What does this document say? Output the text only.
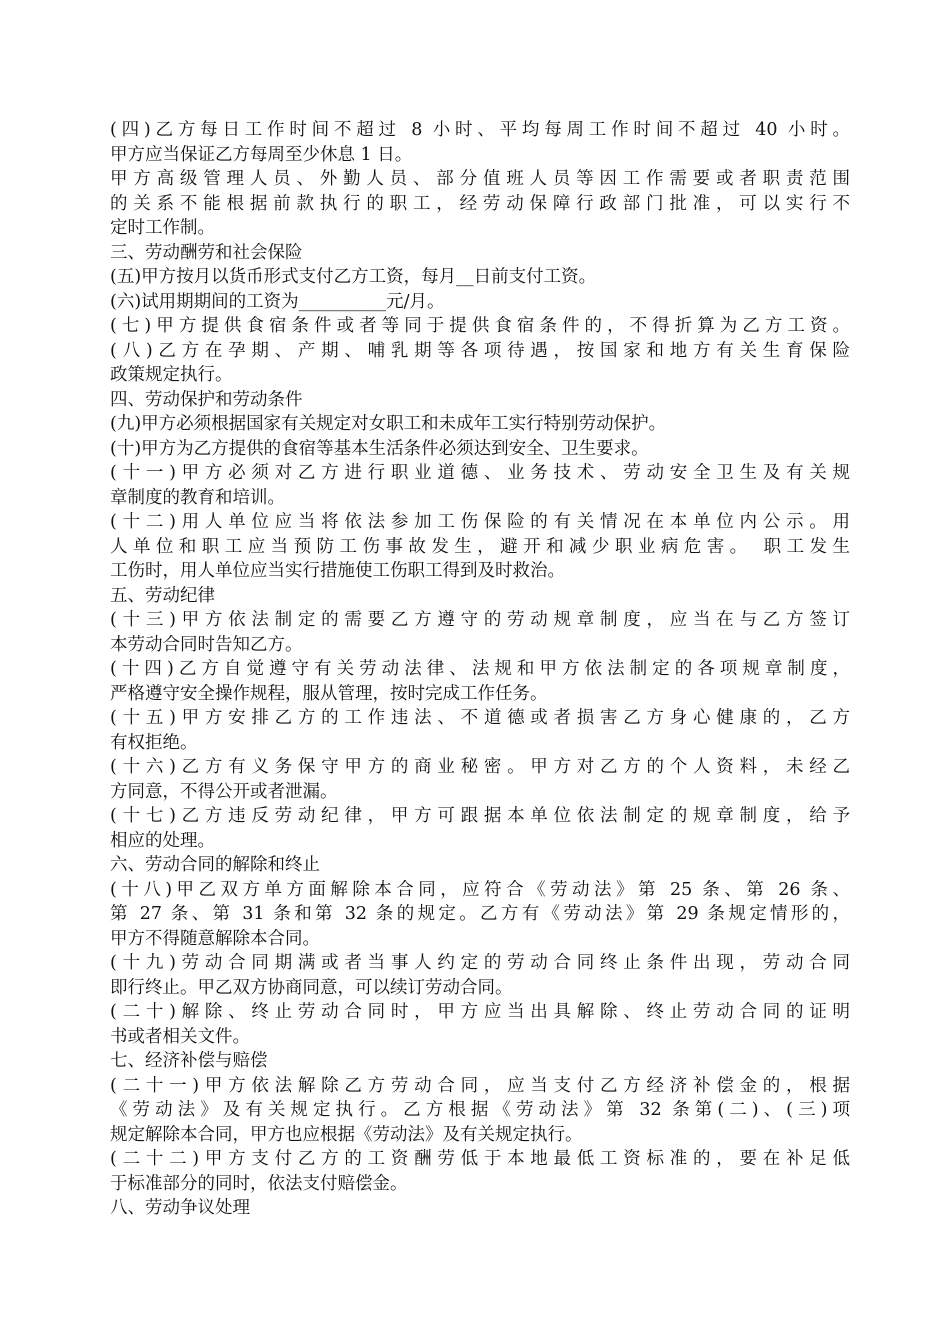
(四)乙方每日工作时间不超过 8 小时、平均每周工作时间不超过 40 小时。
甲方应当保证乙方每周至少休息 1 日。
甲方高级管理人员、外勤人员、部分值班人员等因工作需要或者职责范围
的关系不能根据前款执行的职工，经劳动保障行政部门批准，可以实行不
定时工作制。
三、劳动酬劳和社会保险
(五)甲方按月以货币形式支付乙方工资，每月__日前支付工资。
(六)试用期期间的工资为__________元/月。
(七)甲方提供食宿条件或者等同于提供食宿条件的，不得折算为乙方工资。
(八)乙方在孕期、产期、哺乳期等各项待遇，按国家和地方有关生育保险
政策规定执行。
四、劳动保护和劳动条件
(九)甲方必须根据国家有关规定对女职工和未成年工实行特别劳动保护。
(十)甲方为乙方提供的食宿等基本生活条件必须达到安全、卫生要求。
(十一)甲方必须对乙方进行职业道德、业务技术、劳动安全卫生及有关规
章制度的教育和培训。
(十二)用人单位应当将依法参加工伤保险的有关情况在本单位内公示。用
人单位和职工应当预防工伤事故发生，避开和减少职业病危害。 职工发生
工伤时，用人单位应当实行措施使工伤职工得到及时救治。
五、劳动纪律
(十三)甲方依法制定的需要乙方遵守的劳动规章制度，应当在与乙方签订
本劳动合同时告知乙方。
(十四)乙方自觉遵守有关劳动法律、法规和甲方依法制定的各项规章制度，
严格遵守安全操作规程，服从管理，按时完成工作任务。
(十五)甲方安排乙方的工作违法、不道德或者损害乙方身心健康的，乙方
有权拒绝。
(十六)乙方有义务保守甲方的商业秘密。甲方对乙方的个人资料，未经乙
方同意，不得公开或者泄漏。
(十七)乙方违反劳动纪律，甲方可跟据本单位依法制定的规章制度，给予
相应的处理。
六、劳动合同的解除和终止
(十八)甲乙双方单方面解除本合同，应符合《劳动法》第 25 条、第 26 条、
第 27 条、第 31 条和第 32 条的规定。乙方有《劳动法》第 29 条规定情形的，
甲方不得随意解除本合同。
(十九)劳动合同期满或者当事人约定的劳动合同终止条件出现，劳动合同
即行终止。甲乙双方协商同意，可以续订劳动合同。
(二十)解除、终止劳动合同时，甲方应当出具解除、终止劳动合同的证明
书或者相关文件。
七、经济补偿与赔偿
(二十一)甲方依法解除乙方劳动合同，应当支付乙方经济补偿金的，根据
《劳动法》及有关规定执行。乙方根据《劳动法》第 32 条第(二)、(三)项
规定解除本合同，甲方也应根据《劳动法》及有关规定执行。
(二十二)甲方支付乙方的工资酬劳低于本地最低工资标准的，要在补足低
于标准部分的同时，依法支付赔偿金。
八、劳动争议处理
